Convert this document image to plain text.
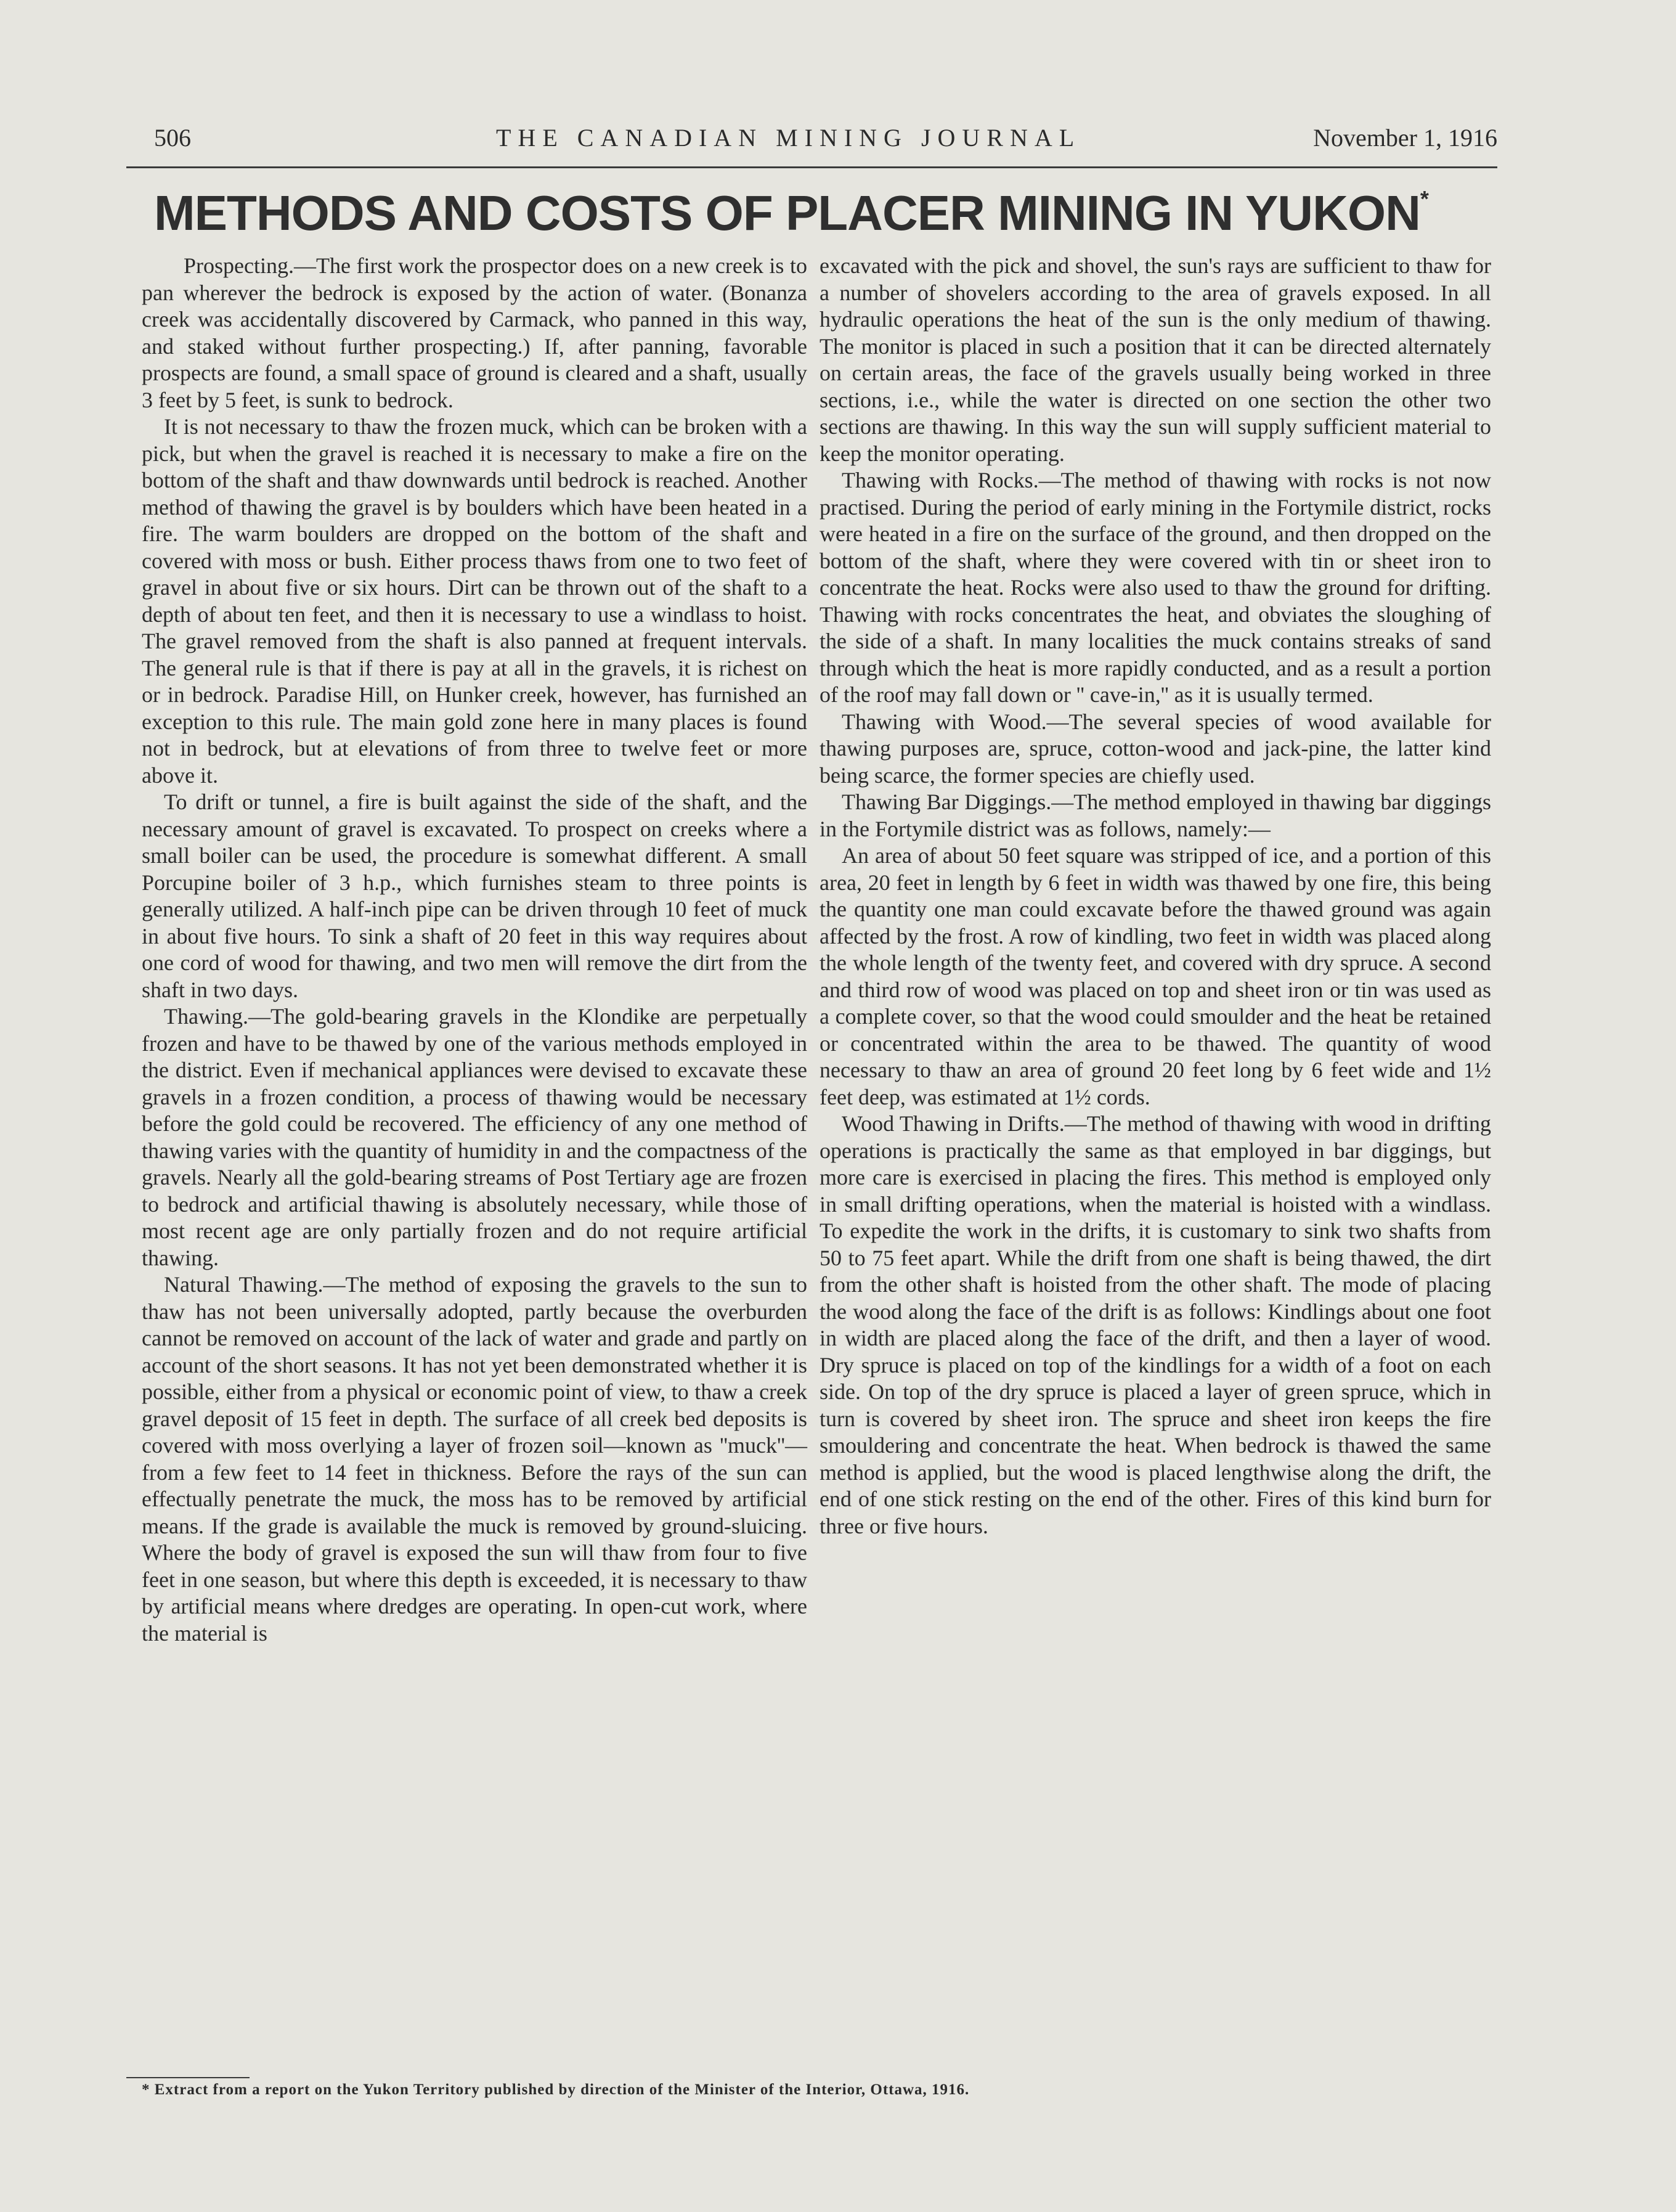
506	THE CANADIAN MINING JOURNAL	November 1, 1916
METHODS AND COSTS OF PLACER MINING IN YUKON*

Prospecting.—The first work the prospector does on a new creek is to pan wherever the bedrock is exposed by the action of water. (Bonanza creek was accidentally discovered by Carmack, who panned in this way, and staked without further prospecting.) If, after panning, favorable prospects are found, a small space of ground is cleared and a shaft, usually 3 feet by 5 feet, is sunk to bedrock.

It is not necessary to thaw the frozen muck, which can be broken with a pick, but when the gravel is reached it is necessary to make a fire on the bottom of the shaft and thaw downwards until bedrock is reached. Another method of thawing the gravel is by boulders which have been heated in a fire. The warm boulders are dropped on the bottom of the shaft and covered with moss or bush. Either process thaws from one to two feet of gravel in about five or six hours. Dirt can be thrown out of the shaft to a depth of about ten feet, and then it is necessary to use a windlass to hoist. The gravel removed from the shaft is also panned at frequent intervals. The general rule is that if there is pay at all in the gravels, it is richest on or in bedrock. Paradise Hill, on Hunker creek, however, has furnished an exception to this rule. The main gold zone here in many places is found not in bedrock, but at elevations of from three to twelve feet or more above it.

To drift or tunnel, a fire is built against the side of the shaft, and the necessary amount of gravel is excavated. To prospect on creeks where a small boiler can be used, the procedure is somewhat different. A small Porcupine boiler of 3 h.p., which furnishes steam to three points is generally utilized. A half-inch pipe can be driven through 10 feet of muck in about five hours. To sink a shaft of 20 feet in this way requires about one cord of wood for thawing, and two men will remove the dirt from the shaft in two days.

Thawing.—The gold-bearing gravels in the Klondike are perpetually frozen and have to be thawed by one of the various methods employed in the district. Even if mechanical appliances were devised to excavate these gravels in a frozen condition, a process of thawing would be necessary before the gold could be recovered. The efficiency of any one method of thawing varies with the quantity of humidity in and the compactness of the gravels. Nearly all the gold-bearing streams of Post Tertiary age are frozen to bedrock and artificial thawing is absolutely necessary, while those of most recent age are only partially frozen and do not require artificial thawing.

Natural Thawing.—The method of exposing the gravels to the sun to thaw has not been universally adopted, partly because the overburden cannot be removed on account of the lack of water and grade and partly on account of the short seasons. It has not yet been demonstrated whether it is possible, either from a physical or economic point of view, to thaw a creek gravel deposit of 15 feet in depth. The surface of all creek bed deposits is covered with moss overlying a layer of frozen soil—known as ''muck''—from a few feet to 14 feet in thickness. Before the rays of the sun can effectually penetrate the muck, the moss has to be removed by artificial means. If the grade is available the muck is removed by ground-sluicing. Where the body of gravel is exposed the sun will thaw from four to five feet in one season, but where this depth is exceeded, it is necessary to thaw by artificial means where dredges are operating. In open-cut work, where the material is

excavated with the pick and shovel, the sun's rays are sufficient to thaw for a number of shovelers according to the area of gravels exposed. In all hydraulic operations the heat of the sun is the only medium of thawing. The monitor is placed in such a position that it can be directed alternately on certain areas, the face of the gravels usually being worked in three sections, i.e., while the water is directed on one section the other two sections are thawing. In this way the sun will supply sufficient material to keep the monitor operating.

Thawing with Rocks.—The method of thawing with rocks is not now practised. During the period of early mining in the Fortymile district, rocks were heated in a fire on the surface of the ground, and then dropped on the bottom of the shaft, where they were covered with tin or sheet iron to concentrate the heat. Rocks were also used to thaw the ground for drifting. Thawing with rocks concentrates the heat, and obviates the sloughing of the side of a shaft. In many localities the muck contains streaks of sand through which the heat is more rapidly conducted, and as a result a portion of the roof may fall down or '' cave-in,'' as it is usually termed.

Thawing with Wood.—The several species of wood available for thawing purposes are, spruce, cotton-wood and jack-pine, the latter kind being scarce, the former species are chiefly used.

Thawing Bar Diggings.—The method employed in thawing bar diggings in the Fortymile district was as follows, namely:—

An area of about 50 feet square was stripped of ice, and a portion of this area, 20 feet in length by 6 feet in width was thawed by one fire, this being the quantity one man could excavate before the thawed ground was again affected by the frost. A row of kindling, two feet in width was placed along the whole length of the twenty feet, and covered with dry spruce. A second and third row of wood was placed on top and sheet iron or tin was used as a complete cover, so that the wood could smoulder and the heat be retained or concentrated within the area to be thawed. The quantity of wood necessary to thaw an area of ground 20 feet long by 6 feet wide and 1½ feet deep, was estimated at 1½ cords.

Wood Thawing in Drifts.—The method of thawing with wood in drifting operations is practically the same as that employed in bar diggings, but more care is exercised in placing the fires. This method is employed only in small drifting operations, when the material is hoisted with a windlass. To expedite the work in the drifts, it is customary to sink two shafts from 50 to 75 feet apart. While the drift from one shaft is being thawed, the dirt from the other shaft is hoisted from the other shaft. The mode of placing the wood along the face of the drift is as follows: Kindlings about one foot in width are placed along the face of the drift, and then a layer of wood. Dry spruce is placed on top of the kindlings for a width of a foot on each side. On top of the dry spruce is placed a layer of green spruce, which in turn is covered by sheet iron. The spruce and sheet iron keeps the fire smouldering and concentrate the heat. When bedrock is thawed the same method is applied, but the wood is placed lengthwise along the drift, the end of one stick resting on the end of the other. Fires of this kind burn for three or five hours.

* Extract from a report on the Yukon Territory published by direction of the Minister of the Interior, Ottawa, 1916.
